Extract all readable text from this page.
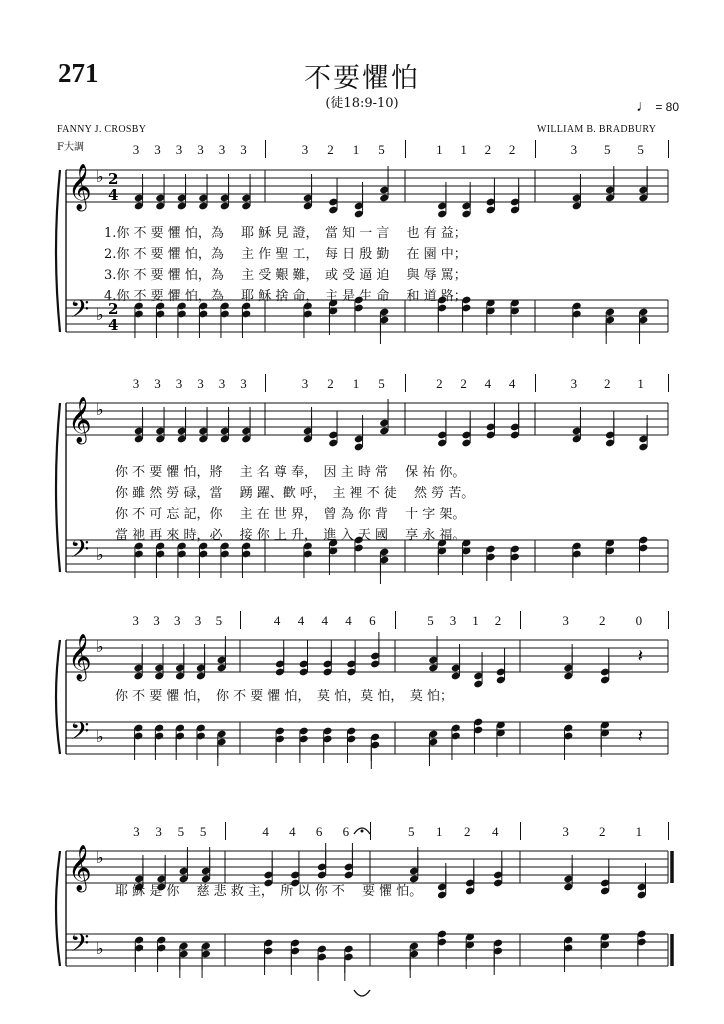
271	不要懼怕
(徒18:9-10)	♩ = 80
FANNY J. CROSBY	WILLIAM B. BRADBURY
F大調
𝄞
𝄢
♭
♭
2
4
2
4
𝄞
𝄢
♭
♭
𝄞
𝄢
♭
♭
𝄽
𝄽
𝄞
𝄢
♭
♭
3 3 3 3 3 3	3 2 1 5	1 1 2 2	3 5 5
1.你 不 要 懼 怕，為 　耶 穌 見 證，　當 知 一 言 　也 有 益；
2.你 不 要 懼 怕，為 　主 作 聖 工，　每 日 殷 勤 　在 園 中；
3.你 不 要 懼 怕，為 　主 受 艱 難，　或 受 逼 迫 　與 辱 罵；
4.你 不 要 懼 怕，為 　耶 穌 捨 命，　主 是 生 命 　和 道 路；
3 3 3 3 3 3	3 2 1 5	2 2 4 4	3 2 1
你 不 要 懼 怕，將 　主 名 尊 奉，　因 主 時 常 　保 祐 你。
你 雖 然 勞 碌，當 　踴 躍、歡 呼，　主 裡 不 徒 　然 勞 苦。
你 不 可 忘 記，你 　主 在 世 界，　曾 為 你 背 　十 字 架。
當 祂 再 來 時，必 　接 你 上 升，　進 入 天 國 　享 永 福。
3 3 3 3 5	4 4 4 4 6	5 3 1 2	3 2 0
你 不 要 懼 怕，　你 不 要 懼 怕，　莫 怕，莫 怕，　莫 怕；
3 3 5 5	4 4 6 6	5 1 2 4	3 2 1
耶 穌 是 你 　慈 悲 救 主，　所 以 你 不 　要 懼 怕。
